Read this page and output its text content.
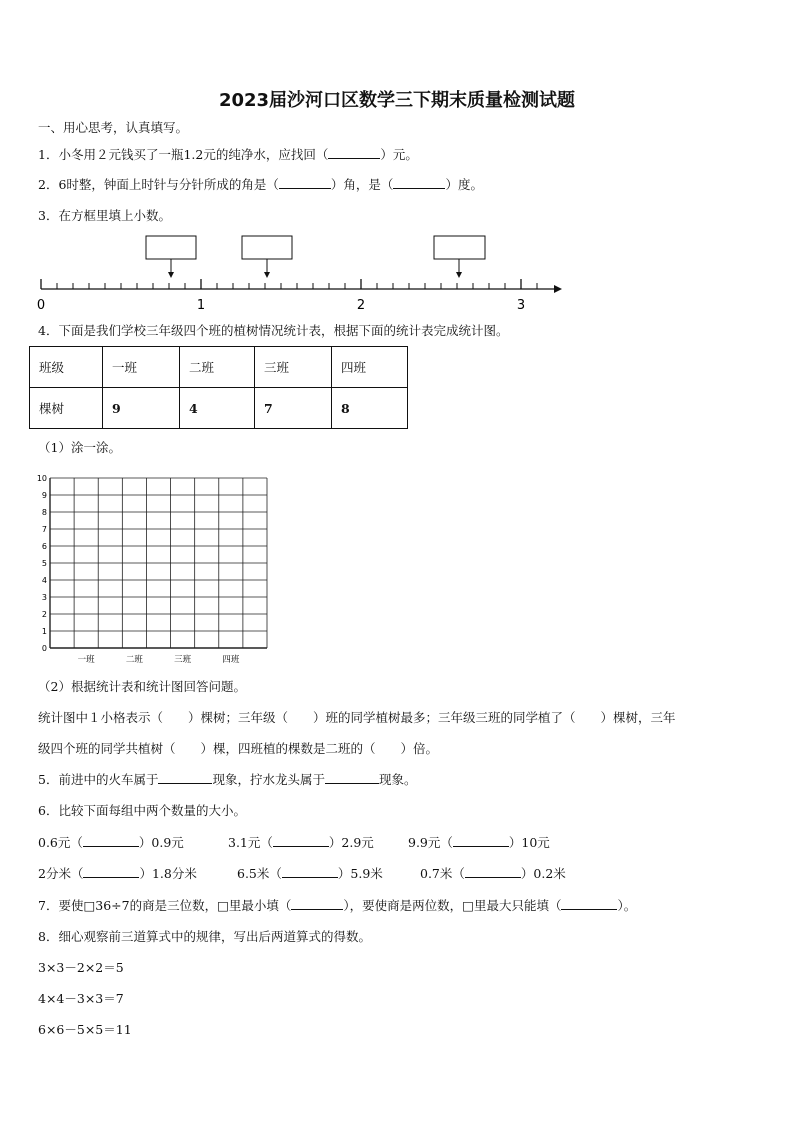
2023届沙河口区数学三下期末质量检测试题
一、用心思考，认真填写。
1．小冬用２元钱买了一瓶1.2元的纯净水，应找回（	）元。
2．6时整，钟面上时针与分针所成的角是（	）角，是（	）度。
3．在方框里填上小数。
0	1	2	3
4．下面是我们学校三年级四个班的植树情况统计表，根据下面的统计表完成统计图。
班级	一班	二班	三班	四班
棵树	9	4	7	8
（1）涂一涂。
0
1
2
3
4
5
6
7
8
9
10
一班	二班	三班	四班
（2）根据统计表和统计图回答问题。
统计图中１小格表示（　　）棵树；三年级（　　）班的同学植树最多；三年级三班的同学植了（　　）棵树，三年
级四个班的同学共植树（　　）棵，四班植的棵数是二班的（　　）倍。
5．前进中的火车属于	现象，拧水龙头属于	现象。
6．比较下面每组中两个数量的大小。
0.6元（	）0.9元	3.1元（	）2.9元	9.9元（	）10元
2分米（	）1.8分米	6.5米（	）5.9米	0.7米（	）0.2米
7．要使□36÷7的商是三位数，□里最小填（	），要使商是两位数，□里最大只能填（	）。
8．细心观察前三道算式中的规律，写出后两道算式的得数。
3×3－2×2＝5
4×4－3×3＝7
6×6－5×5＝11
